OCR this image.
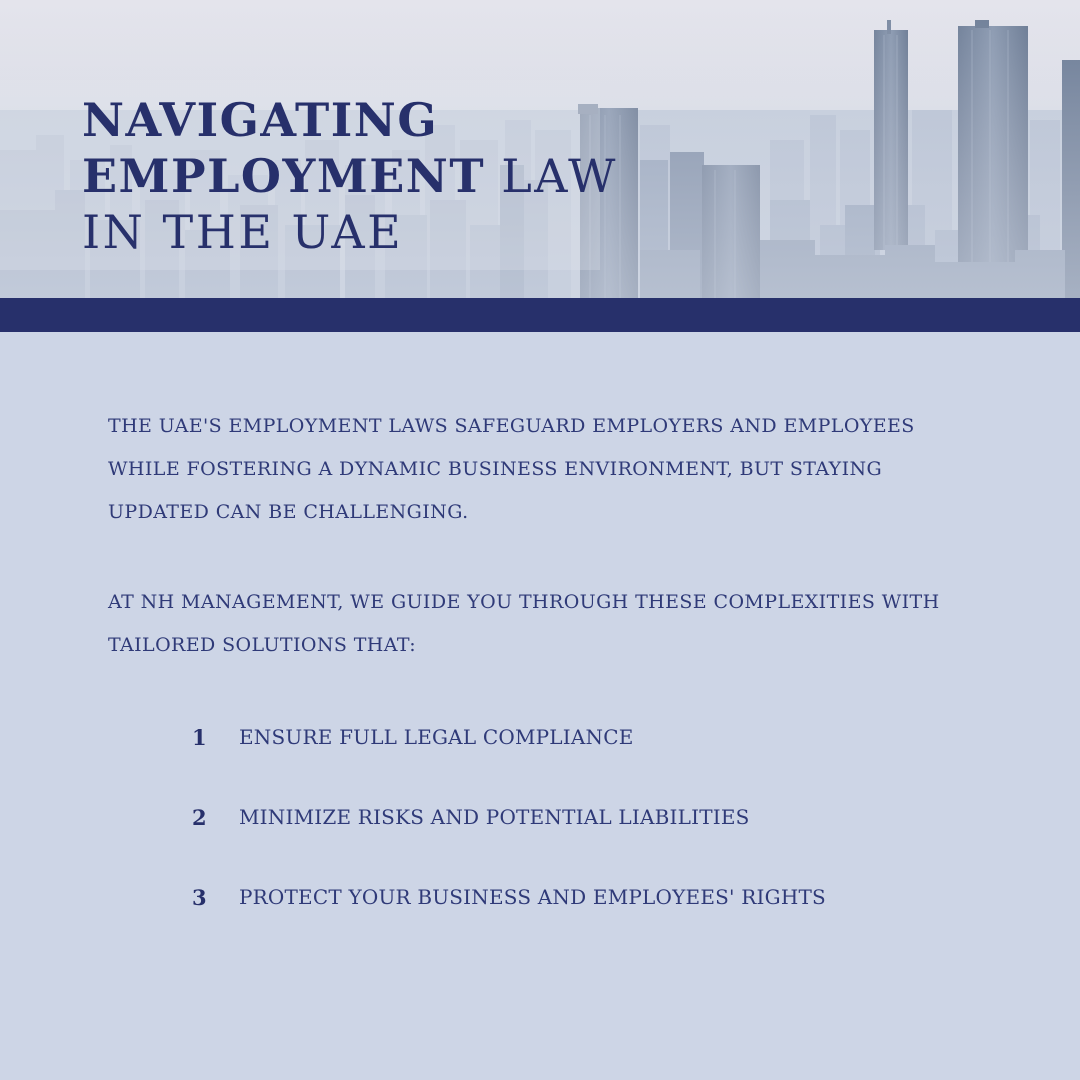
NAVIGATING
EMPLOYMENT LAW
IN THE UAE

THE UAE'S EMPLOYMENT LAWS SAFEGUARD EMPLOYERS AND EMPLOYEES WHILE FOSTERING A DYNAMIC BUSINESS ENVIRONMENT, BUT STAYING UPDATED CAN BE CHALLENGING.

AT NH MANAGEMENT, WE GUIDE YOU THROUGH THESE COMPLEXITIES WITH TAILORED SOLUTIONS THAT:

1	ENSURE FULL LEGAL COMPLIANCE
2	MINIMIZE RISKS AND POTENTIAL LIABILITIES
3	PROTECT YOUR BUSINESS AND EMPLOYEES' RIGHTS
